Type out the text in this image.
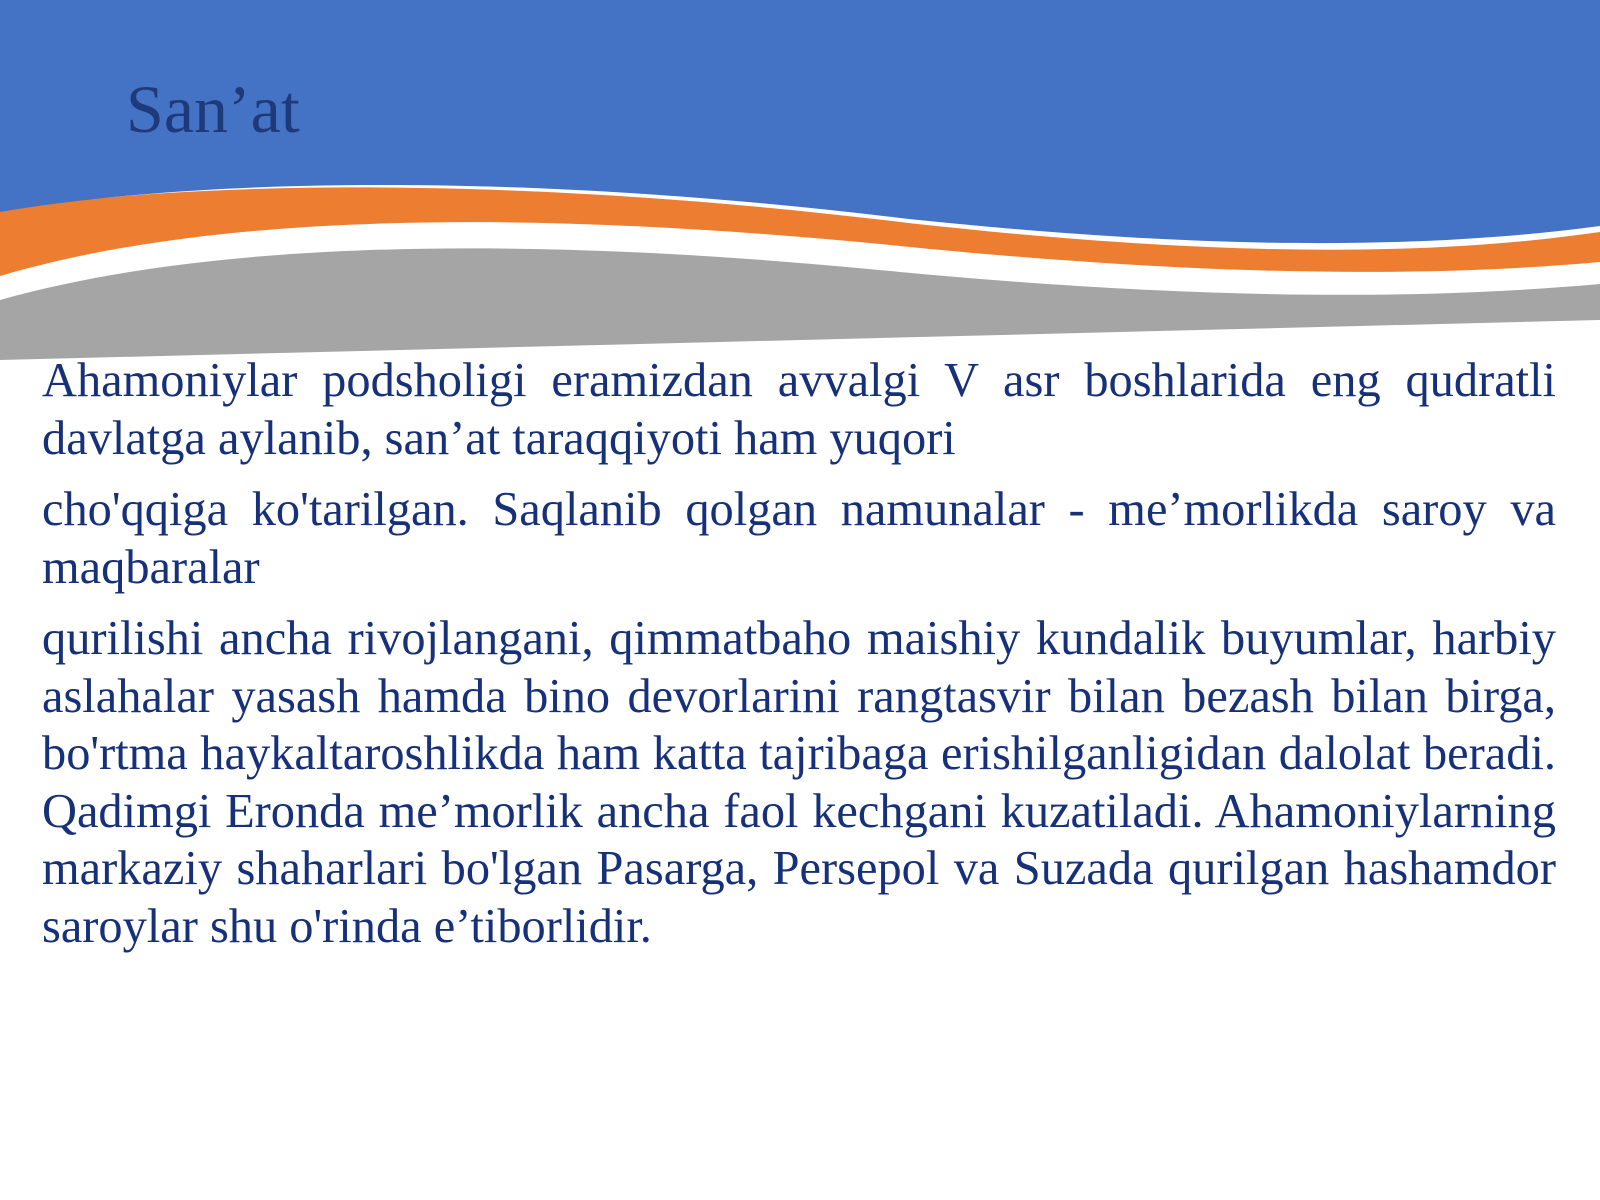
San’at

Ahamoniylar podsholigi eramizdan avvalgi V asr boshlarida eng qudratli davlatga aylanib, san’at taraqqiyoti ham yuqori

cho'qqiga ko'tarilgan. Saqlanib qolgan namunalar - me’morlikda saroy va maqbaralar

qurilishi ancha rivojlangani, qimmatbaho maishiy kundalik buyumlar, harbiy aslahalar yasash hamda bino devorlarini rangtasvir bilan bezash bilan birga, bo'rtma haykaltaroshlikda ham katta tajribaga erishilganligidan dalolat beradi. Qadimgi Eronda me’morlik ancha faol kechgani kuzatiladi. Ahamoniylarning markaziy shaharlari bo'lgan Pasarga, Persepol va Suzada qurilgan hashamdor saroylar shu o'rinda e’tiborlidir.
